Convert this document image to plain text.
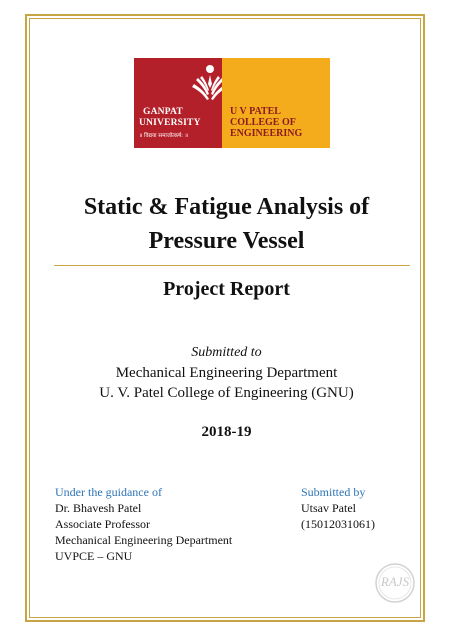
GANPAT
UNIVERSITY
॥ विद्यया समाजोत्कर्ष: ॥
U V PATEL
COLLEGE OF
ENGINEERING
Static & Fatigue Analysis of
Pressure Vessel
Project Report
Submitted to
Mechanical Engineering Department
U. V. Patel College of Engineering (GNU)
2018-19
Under the guidance of
Dr. Bhavesh Patel
Associate Professor
Mechanical Engineering Department
UVPCE – GNU
Submitted by
Utsav Patel
(15012031061)
RAJS
